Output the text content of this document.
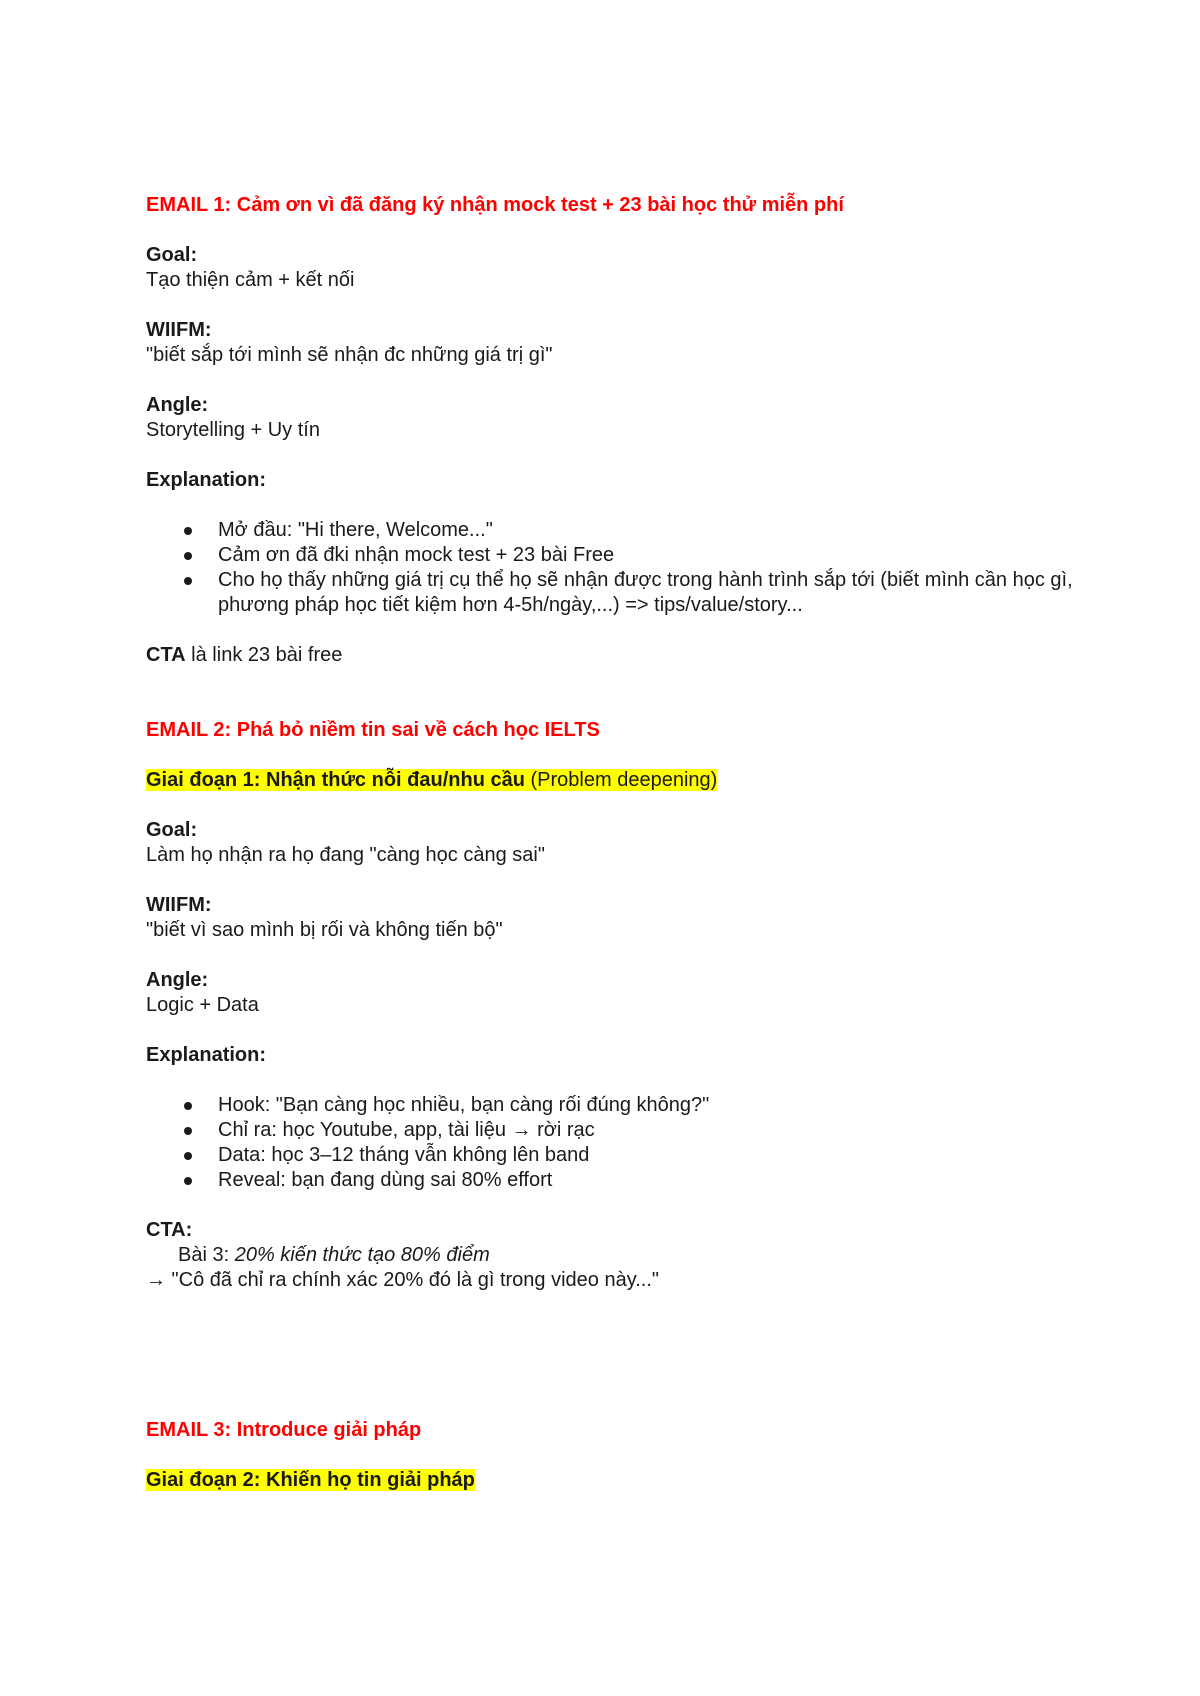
EMAIL 1: Cảm ơn vì đã đăng ký nhận mock test + 23 bài học thử miễn phí

Goal:

Tạo thiện cảm + kết nối

WIIFM:

"biết sắp tới mình sẽ nhận đc những giá trị gì"

Angle:

Storytelling + Uy tín

Explanation:

Mở đầu: "Hi there, Welcome..."
Cảm ơn đã đki nhận mock test + 23 bài Free
Cho họ thấy những giá trị cụ thể họ sẽ nhận được trong hành trình sắp tới (biết mình cần học gì, phương pháp học tiết kiệm hơn 4-5h/ngày,...) => tips/value/story...

CTA là link 23 bài free

EMAIL 2: Phá bỏ niềm tin sai về cách học IELTS

Giai đoạn 1: Nhận thức nỗi đau/nhu cầu (Problem deepening)

Goal:

Làm họ nhận ra họ đang "càng học càng sai"

WIIFM:

"biết vì sao mình bị rối và không tiến bộ"

Angle:

Logic + Data

Explanation:

Hook: "Bạn càng học nhiều, bạn càng rối đúng không?"
Chỉ ra: học Youtube, app, tài liệu → rời rạc
Data: học 3–12 tháng vẫn không lên band
Reveal: bạn đang dùng sai 80% effort

CTA:

Bài 3: 20% kiến thức tạo 80% điểm

→ "Cô đã chỉ ra chính xác 20% đó là gì trong video này..."

EMAIL 3: Introduce giải pháp

Giai đoạn 2: Khiến họ tin giải pháp
